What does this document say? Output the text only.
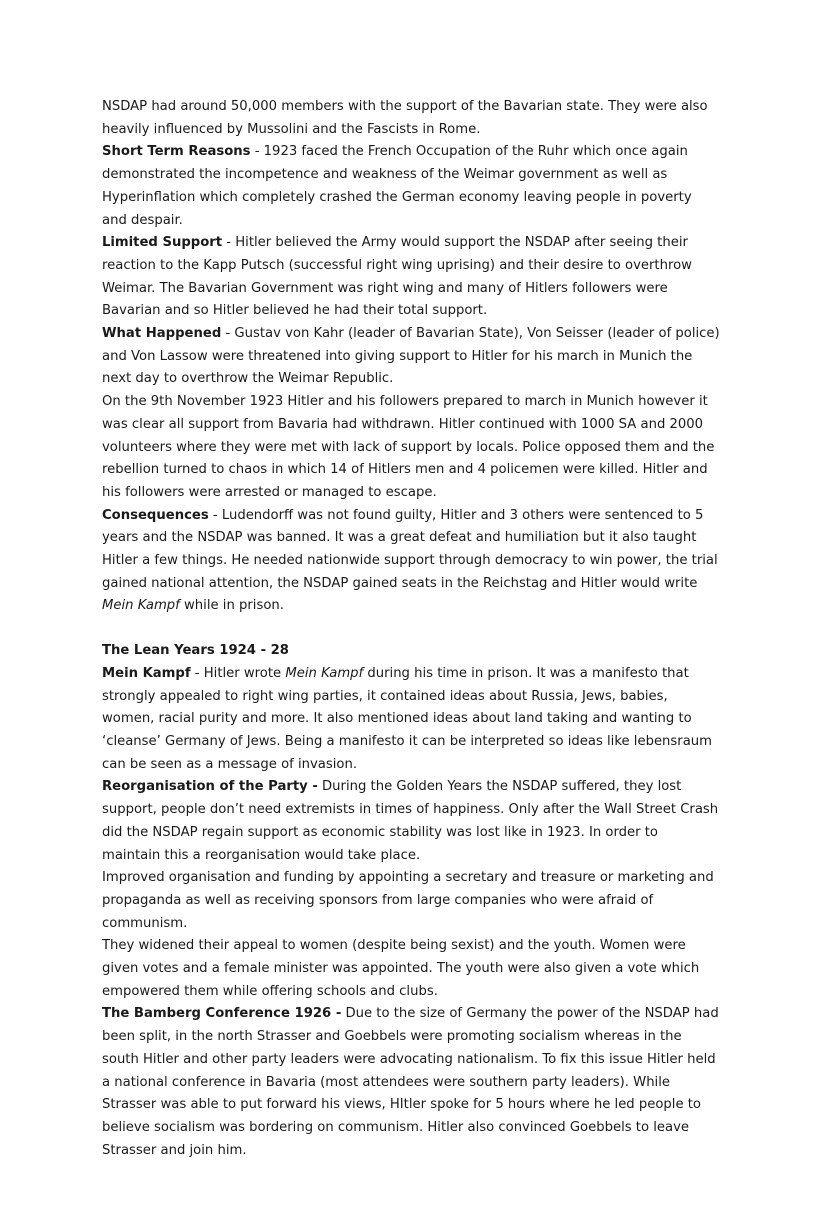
NSDAP had around 50,000 members with the support of the Bavarian state. They were also heavily influenced by Mussolini and the Fascists in Rome.

Short Term Reasons - 1923 faced the French Occupation of the Ruhr which once again demonstrated the incompetence and weakness of the Weimar government as well as Hyperinflation which completely crashed the German economy leaving people in poverty and despair.

Limited Support - Hitler believed the Army would support the NSDAP after seeing their reaction to the Kapp Putsch (successful right wing uprising) and their desire to overthrow Weimar. The Bavarian Government was right wing and many of Hitlers followers were Bavarian and so Hitler believed he had their total support.

What Happened - Gustav von Kahr (leader of Bavarian State), Von Seisser (leader of police) and Von Lassow were threatened into giving support to Hitler for his march in Munich the next day to overthrow the Weimar Republic.

On the 9th November 1923 Hitler and his followers prepared to march in Munich however it was clear all support from Bavaria had withdrawn. Hitler continued with 1000 SA and 2000 volunteers where they were met with lack of support by locals. Police opposed them and the rebellion turned to chaos in which 14 of Hitlers men and 4 policemen were killed. Hitler and his followers were arrested or managed to escape.

Consequences - Ludendorff was not found guilty, Hitler and 3 others were sentenced to 5 years and the NSDAP was banned. It was a great defeat and humiliation but it also taught Hitler a few things. He needed nationwide support through democracy to win power, the trial gained national attention, the NSDAP gained seats in the Reichstag and Hitler would write Mein Kampf while in prison.

The Lean Years 1924 - 28

Mein Kampf - Hitler wrote Mein Kampf during his time in prison. It was a manifesto that strongly appealed to right wing parties, it contained ideas about Russia, Jews, babies, women, racial purity and more. It also mentioned ideas about land taking and wanting to ‘cleanse’ Germany of Jews. Being a manifesto it can be interpreted so ideas like lebensraum can be seen as a message of invasion.

Reorganisation of the Party - During the Golden Years the NSDAP suffered, they lost support, people don’t need extremists in times of happiness. Only after the Wall Street Crash did the NSDAP regain support as economic stability was lost like in 1923. In order to maintain this a reorganisation would take place.

Improved organisation and funding by appointing a secretary and treasure or marketing and propaganda as well as receiving sponsors from large companies who were afraid of communism.

They widened their appeal to women (despite being sexist) and the youth. Women were given votes and a female minister was appointed. The youth were also given a vote which empowered them while offering schools and clubs.

The Bamberg Conference 1926 - Due to the size of Germany the power of the NSDAP had been split, in the north Strasser and Goebbels were promoting socialism whereas in the south Hitler and other party leaders were advocating nationalism. To fix this issue Hitler held a national conference in Bavaria (most attendees were southern party leaders). While Strasser was able to put forward his views, HItler spoke for 5 hours where he led people to believe socialism was bordering on communism. Hitler also convinced Goebbels to leave Strasser and join him.
